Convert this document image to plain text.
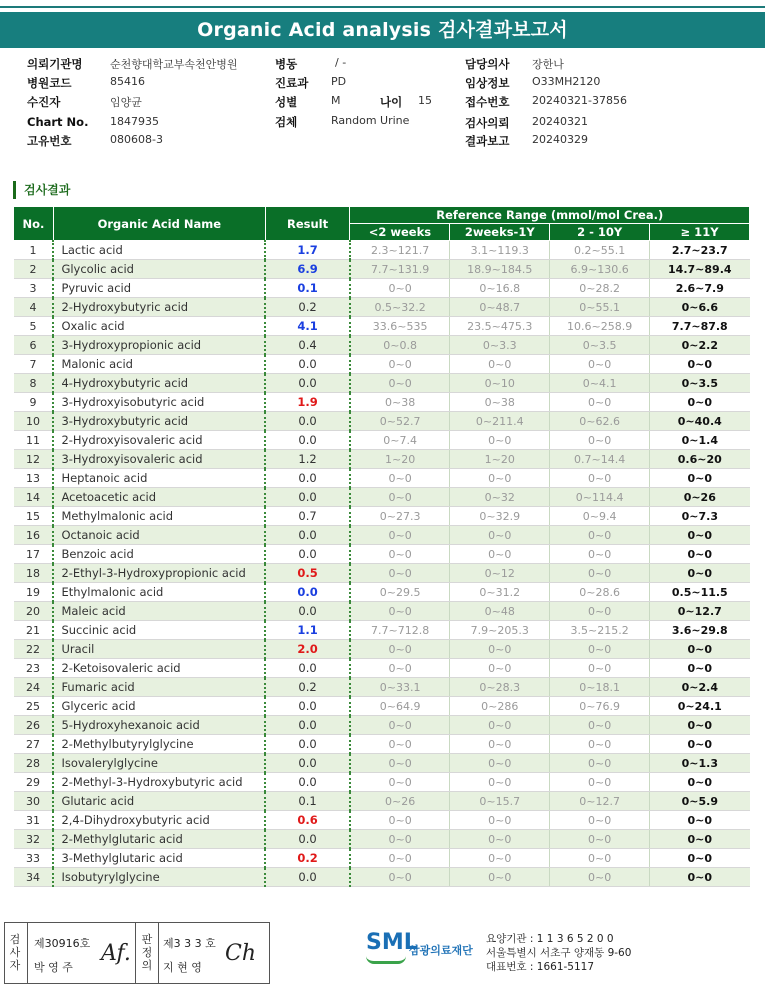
Organic Acid analysis 검사결과보고서
의뢰기관명 순천향대학교부속천안병원
병원코드	85416
수진자	임양균
Chart No. 1847935
고유번호	080608-3
병동	/ -
진료과 PD
성별	M	나이 15
검체	Random Urine
담당의사 장한나
임상정보 O33MH2120
접수번호 20240321-37856
검사의뢰 20240321
결과보고 20240329
검사결과
No.	Organic Acid Name	Result	Reference Range (mmol/mol Crea.)			
			<2 weeks	2weeks-1Y	2 - 10Y	≥ 11Y
1	Lactic acid	1.7	2.3~121.7	3.1~119.3	0.2~55.1	2.7~23.7
2	Glycolic acid	6.9	7.7~131.9	18.9~184.5	6.9~130.6	14.7~89.4
3	Pyruvic acid	0.1	0~0	0~16.8	0~28.2	2.6~7.9
4	2-Hydroxybutyric acid	0.2	0.5~32.2	0~48.7	0~55.1	0~6.6
5	Oxalic acid	4.1	33.6~535	23.5~475.3	10.6~258.9	7.7~87.8
6	3-Hydroxypropionic acid	0.4	0~0.8	0~3.3	0~3.5	0~2.2
7	Malonic acid	0.0	0~0	0~0	0~0	0~0
8	4-Hydroxybutyric acid	0.0	0~0	0~10	0~4.1	0~3.5
9	3-Hydroxyisobutyric acid	1.9	0~38	0~38	0~0	0~0
10	3-Hydroxybutyric acid	0.0	0~52.7	0~211.4	0~62.6	0~40.4
11	2-Hydroxyisovaleric acid	0.0	0~7.4	0~0	0~0	0~1.4
12	3-Hydroxyisovaleric acid	1.2	1~20	1~20	0.7~14.4	0.6~20
13	Heptanoic acid	0.0	0~0	0~0	0~0	0~0
14	Acetoacetic acid	0.0	0~0	0~32	0~114.4	0~26
15	Methylmalonic acid	0.7	0~27.3	0~32.9	0~9.4	0~7.3
16	Octanoic acid	0.0	0~0	0~0	0~0	0~0
17	Benzoic acid	0.0	0~0	0~0	0~0	0~0
18	2-Ethyl-3-Hydroxypropionic acid	0.5	0~0	0~12	0~0	0~0
19	Ethylmalonic acid	0.0	0~29.5	0~31.2	0~28.6	0.5~11.5
20	Maleic acid	0.0	0~0	0~48	0~0	0~12.7
21	Succinic acid	1.1	7.7~712.8	7.9~205.3	3.5~215.2	3.6~29.8
22	Uracil	2.0	0~0	0~0	0~0	0~0
23	2-Ketoisovaleric acid	0.0	0~0	0~0	0~0	0~0
24	Fumaric acid	0.2	0~33.1	0~28.3	0~18.1	0~2.4
25	Glyceric acid	0.0	0~64.9	0~286	0~76.9	0~24.1
26	5-Hydroxyhexanoic acid	0.0	0~0	0~0	0~0	0~0
27	2-Methylbutyrylglycine	0.0	0~0	0~0	0~0	0~0
28	Isovalerylglycine	0.0	0~0	0~0	0~0	0~1.3
29	2-Methyl-3-Hydroxybutyric acid	0.0	0~0	0~0	0~0	0~0
30	Glutaric acid	0.1	0~26	0~15.7	0~12.7	0~5.9
31	2,4-Dihydroxybutyric acid	0.6	0~0	0~0	0~0	0~0
32	2-Methylglutaric acid	0.0	0~0	0~0	0~0	0~0
33	3-Methylglutaric acid	0.2	0~0	0~0	0~0	0~0
34	Isobutyrylglycine	0.0	0~0	0~0	0~0	0~0
검사자
제30916호
박 영 주
Af.
판정의
제3 3 3 호
지 현 영
Ch	SML
삼광의료재단
요양기관 : 1 1 3 6 5 2 0 0
서울특별시 서초구 양재동 9-60
대표번호 : 1661-5117
